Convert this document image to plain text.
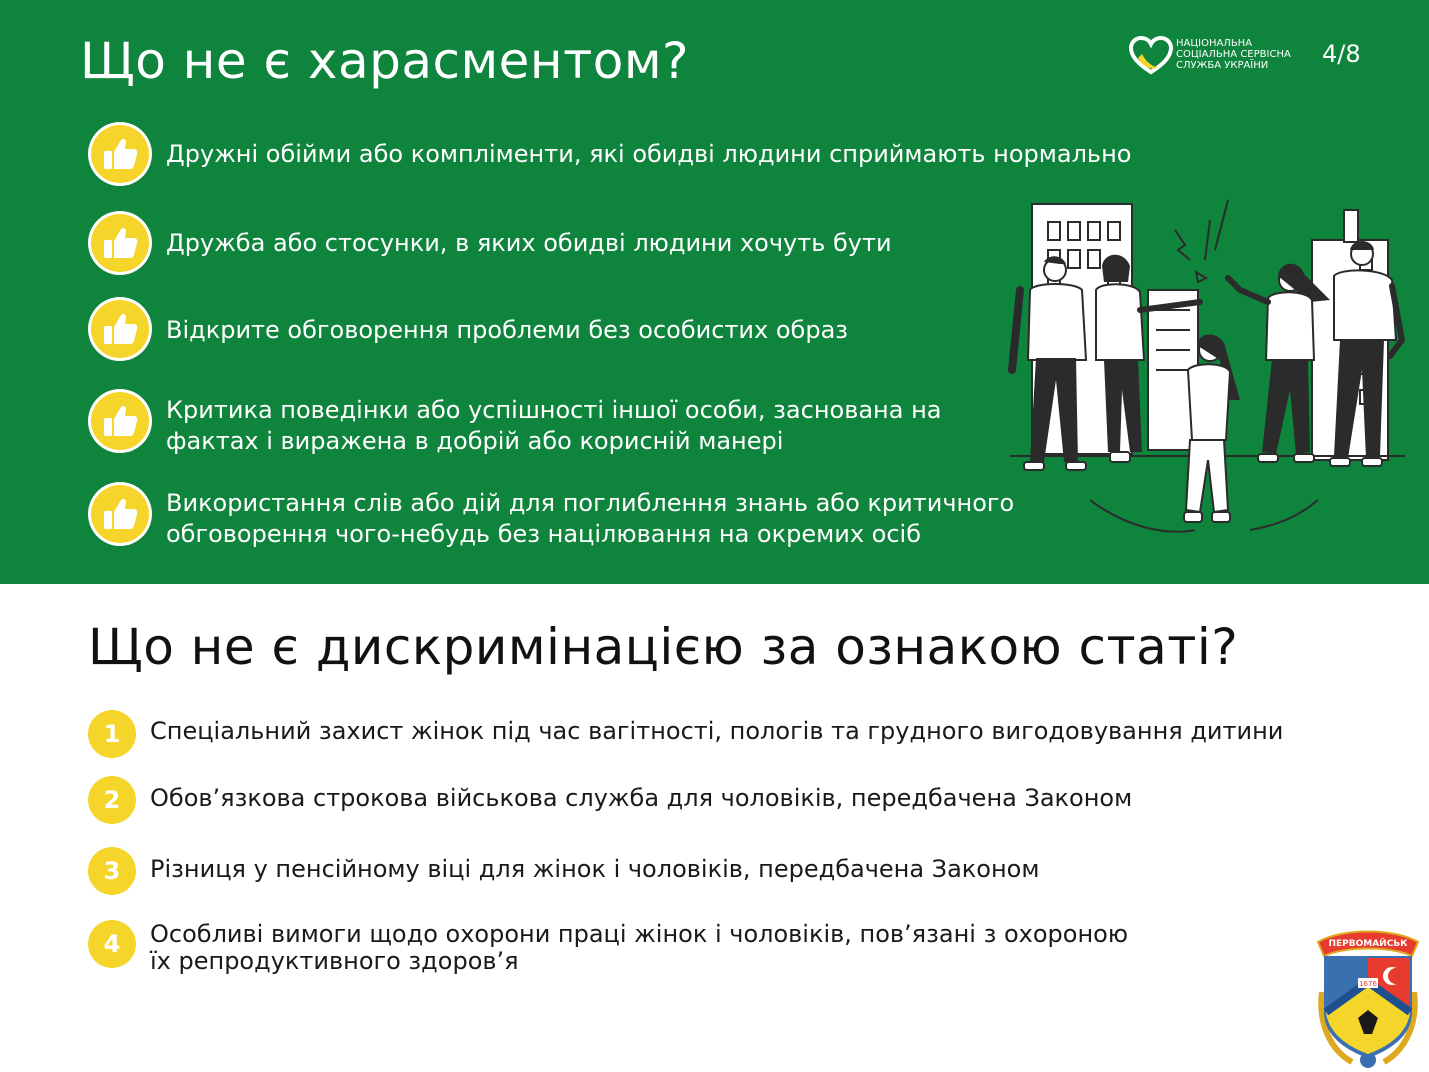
Що не є харасментом?	НАЦІОНАЛЬНА
СОЦІАЛЬНА СЕРВІСНА
СЛУЖБА УКРАЇНИ	4/8
Дружні обійми або компліменти, які обидві людини сприймають нормально
Дружба або стосунки, в яких обидві людини хочуть бути
Відкрите обговорення проблеми без особистих образ
Критика поведінки або успішності іншої особи, заснована на
фактах і виражена в добрій або корисній манері
Використання слів або дій для поглиблення знань або критичного
обговорення чого-небудь без націлювання на окремих осіб
Що не є дискримінацією за ознакою статі?
1	Спеціальний захист жінок під час вагітності, пологів та грудного вигодовування дитини
2	Обов’язкова строкова військова служба для чоловіків, передбачена Законом
3	Різниця у пенсійному віці для жінок і чоловіків, передбачена Законом
4	Особливі вимоги щодо охорони праці жінок і чоловіків, пов’язані з охороною
їх репродуктивного здоров’я
ПЕРВОМАЙСЬК
1676
